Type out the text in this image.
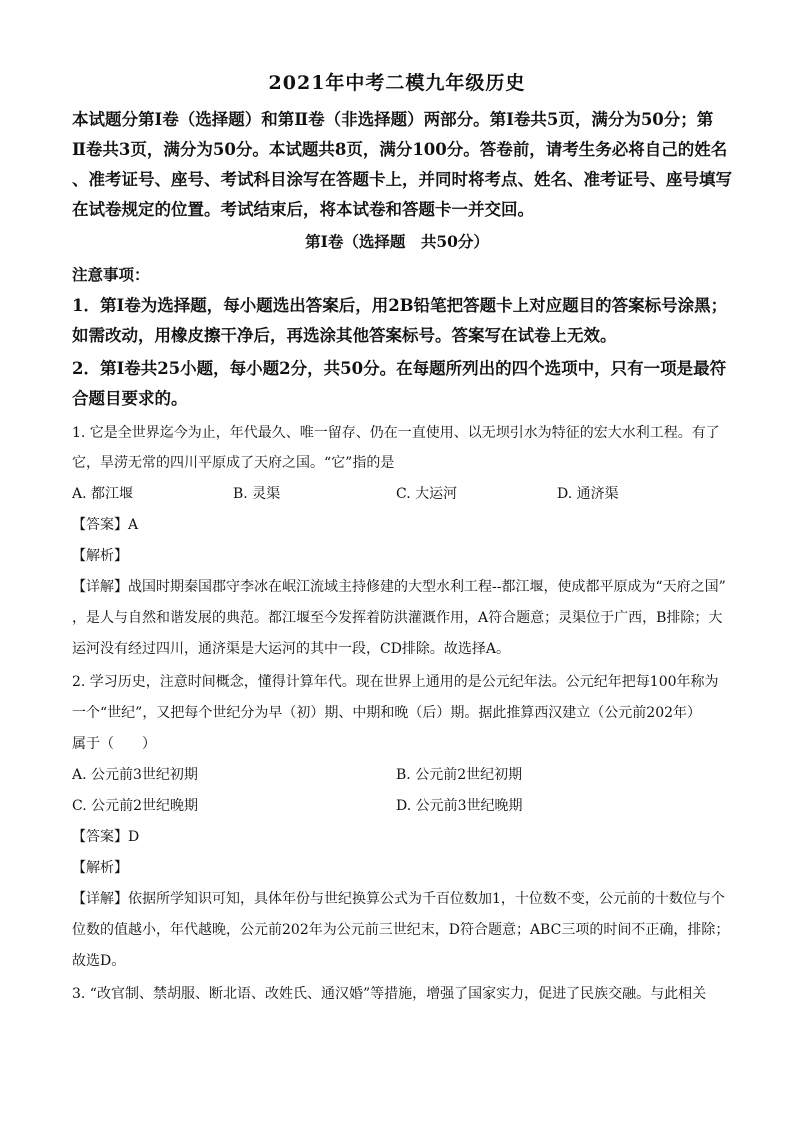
2021年中考二模九年级历史
本试题分第Ⅰ卷（选择题）和第Ⅱ卷（非选择题）两部分。第Ⅰ卷共5页，满分为50分；第
Ⅱ卷共3页，满分为50分。本试题共8页，满分100分。答卷前，请考生务必将自己的姓名
、准考证号、座号、考试科目涂写在答题卡上，并同时将考点、姓名、准考证号、座号填写
在试卷规定的位置。考试结束后，将本试卷和答题卡一并交回。
第Ⅰ卷（选择题　共50分）
注意事项：
1．第Ⅰ卷为选择题，每小题选出答案后，用2B铅笔把答题卡上对应题目的答案标号涂黑；
如需改动，用橡皮擦干净后，再选涂其他答案标号。答案写在试卷上无效。
2．第Ⅰ卷共25小题，每小题2分，共50分。在每题所列出的四个选项中，只有一项是最符
合题目要求的。
1. 它是全世界迄今为止，年代最久、唯一留存、仍在一直使用、以无坝引水为特征的宏大水利工程。有了
它，旱涝无常的四川平原成了天府之国。“它”指的是
A. 都江堰	B. 灵渠	C. 大运河	D. 通济渠
【答案】A
【解析】
【详解】战国时期秦国郡守李冰在岷江流域主持修建的大型水利工程--都江堰，使成都平原成为“天府之国”
，是人与自然和谐发展的典范。都江堰至今发挥着防洪灌溉作用，A符合题意；灵渠位于广西，B排除；大
运河没有经过四川，通济渠是大运河的其中一段，CD排除。故选择A。
2. 学习历史，注意时间概念，懂得计算年代。现在世界上通用的是公元纪年法。公元纪年把每100年称为
一个“世纪”，又把每个世纪分为早（初）期、中期和晚（后）期。据此推算西汉建立（公元前202年）
属于（　　）
A. 公元前3世纪初期	B. 公元前2世纪初期
C. 公元前2世纪晚期	D. 公元前3世纪晚期
【答案】D
【解析】
【详解】依据所学知识可知，具体年份与世纪换算公式为千百位数加1，十位数不变，公元前的十数位与个
位数的值越小，年代越晚，公元前202年为公元前三世纪末，D符合题意；ABC三项的时间不正确，排除；
故选D。
3. “改官制、禁胡服、断北语、改姓氏、通汉婚”等措施，增强了国家实力，促进了民族交融。与此相关
